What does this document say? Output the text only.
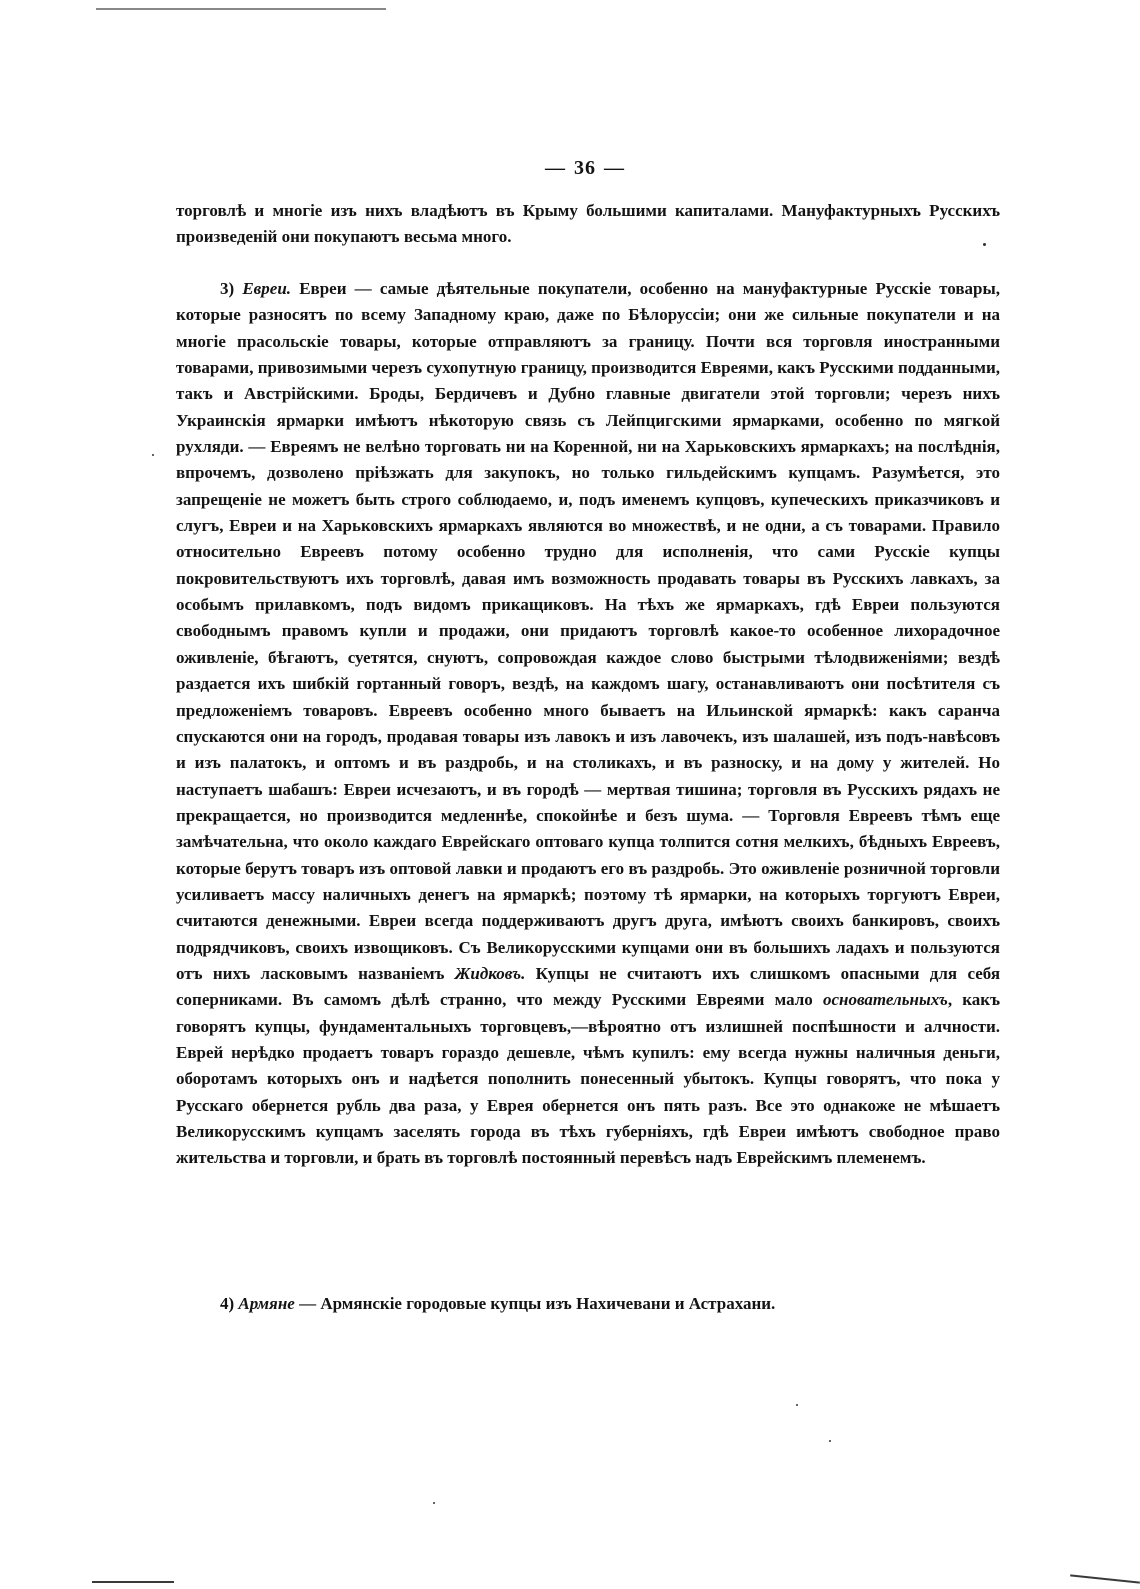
— 36 —

торговлѣ и многіе изъ нихъ владѣютъ въ Крыму большими капиталами. Мануфактурныхъ Русскихъ произведеній они покупаютъ весьма много.

3) Евреи. Евреи — самые дѣятельные покупатели, особенно на мануфактурные Русскіе товары, которые разносятъ по всему Западному краю, даже по Бѣлоруссіи; они же сильные покупатели и на многіе прасольскіе товары, которые отправляютъ за границу. Почти вся торговля иностранными товарами, привозимыми черезъ сухопутную границу, производится Евреями, какъ Русскими подданными, такъ и Австрійскими. Броды, Бердичевъ и Дубно главные двигатели этой торговли; черезъ нихъ Украинскія ярмарки имѣютъ нѣкоторую связь съ Лейпцигскими ярмарками, особенно по мягкой рухляди. — Евреямъ не велѣно торговать ни на Коренной, ни на Харьковскихъ ярмаркахъ; на послѣднія, впрочемъ, дозволено пріѣзжать для закупокъ, но только гильдейскимъ купцамъ. Разумѣется, это запрещеніе не можетъ быть строго соблюдаемо, и, подъ именемъ купцовъ, купеческихъ приказчиковъ и слугъ, Евреи и на Харьковскихъ ярмаркахъ являются во множествѣ, и не одни, а съ товарами. Правило относительно Евреевъ потому особенно трудно для исполненія, что сами Русскіе купцы покровительствуютъ ихъ торговлѣ, давая имъ возможность продавать товары въ Русскихъ лавкахъ, за особымъ прилавкомъ, подъ видомъ прикащиковъ. На тѣхъ же ярмаркахъ, гдѣ Евреи пользуются свободнымъ правомъ купли и продажи, они придаютъ торговлѣ какое-то особенное лихорадочное оживленіе, бѣгаютъ, суетятся, снуютъ, сопровождая каждое слово быстрыми тѣлодвиженіями; вездѣ раздается ихъ шибкій гортанный говоръ, вездѣ, на каждомъ шагу, останавливаютъ они посѣтителя съ предложеніемъ товаровъ. Евреевъ особенно много бываетъ на Ильинской ярмаркѣ: какъ саранча спускаются они на городъ, продавая товары изъ лавокъ и изъ лавочекъ, изъ шалашей, изъ подъ-навѣсовъ и изъ палатокъ, и оптомъ и въ раздробь, и на столикахъ, и въ разноску, и на дому у жителей. Но наступаетъ шабашъ: Евреи исчезаютъ, и въ городѣ — мертвая тишина; торговля въ Русскихъ рядахъ не прекращается, но производится медленнѣе, спокойнѣе и безъ шума. — Торговля Евреевъ тѣмъ еще замѣчательна, что около каждаго Еврейскаго оптоваго купца толпится сотня мелкихъ, бѣдныхъ Евреевъ, которые берутъ товаръ изъ оптовой лавки и продаютъ его въ раздробь. Это оживленіе розничной торговли усиливаетъ массу наличныхъ денегъ на ярмаркѣ; поэтому тѣ ярмарки, на которыхъ торгуютъ Евреи, считаются денежными. Евреи всегда поддерживаютъ другъ друга, имѣютъ своихъ банкировъ, своихъ подрядчиковъ, своихъ извощиковъ. Съ Великорусскими купцами они въ большихъ ладахъ и пользуются отъ нихъ ласковымъ названіемъ Жидковъ. Купцы не считаютъ ихъ слишкомъ опасными для себя соперниками. Въ самомъ дѣлѣ странно, что между Русскими Евреями мало основательныхъ, какъ говорятъ купцы, фундаментальныхъ торговцевъ,—вѣроятно отъ излишней поспѣшности и алчности. Еврей нерѣдко продаетъ товаръ гораздо дешевле, чѣмъ купилъ: ему всегда нужны наличныя деньги, оборотамъ которыхъ онъ и надѣется пополнить понесенный убытокъ. Купцы говорятъ, что пока у Русскаго обернется рубль два раза, у Еврея обернется онъ пять разъ. Все это однакоже не мѣшаетъ Великорусскимъ купцамъ заселять города въ тѣхъ губерніяхъ, гдѣ Евреи имѣютъ свободное право жительства и торговли, и брать въ торговлѣ постоянный перевѣсъ надъ Еврейскимъ племенемъ.

4) Армяне — Армянскіе городовые купцы изъ Нахичевани и Астрахани.
